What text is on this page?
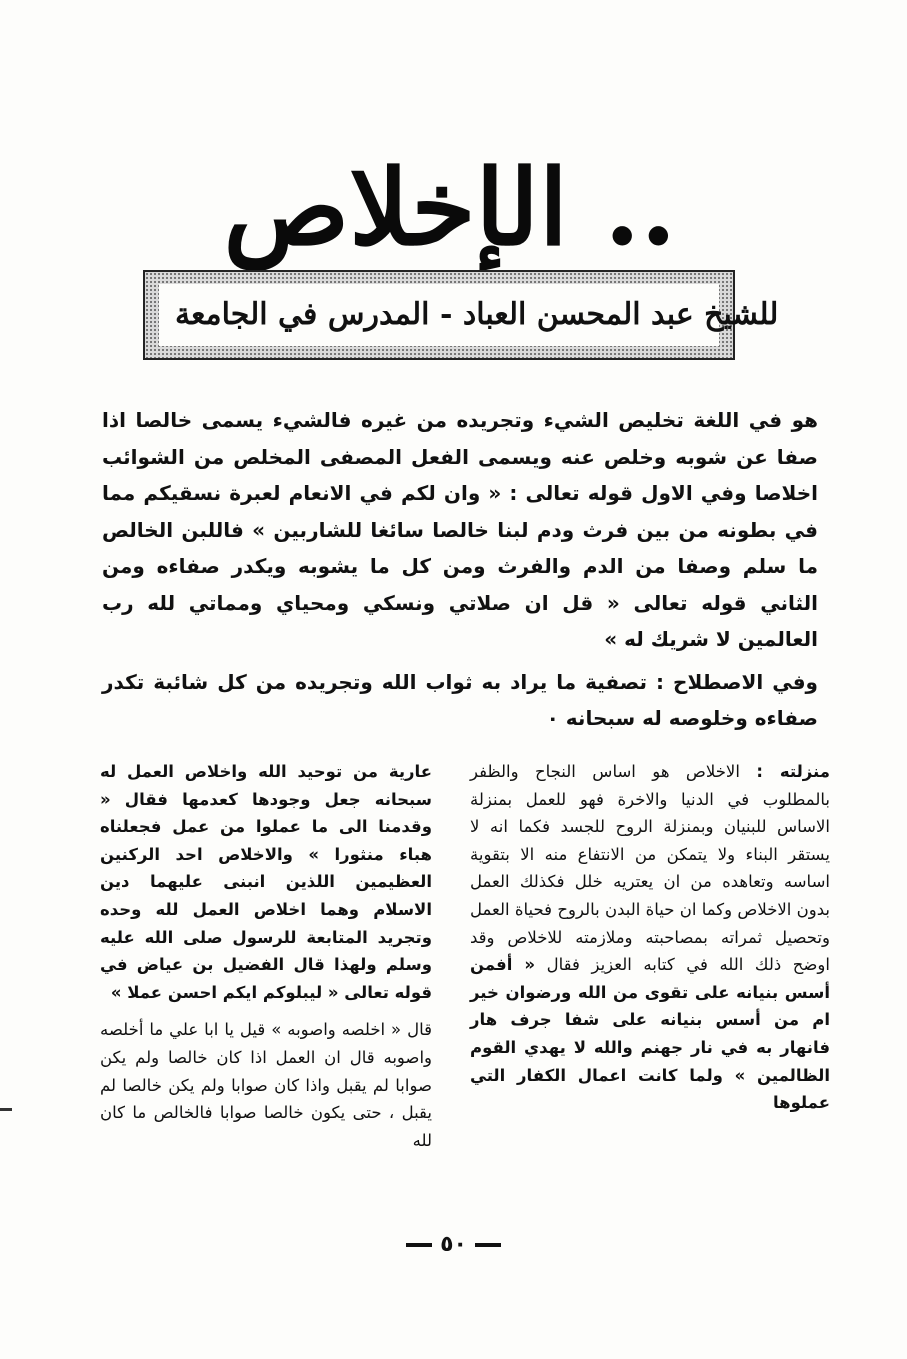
الإخلاص ..
للشيخ عبد المحسن العباد - المدرس في الجامعة

هو في اللغة تخليص الشيء وتجريده من غيره فالشيء يسمى خالصا اذا صفا عن شوبه وخلص عنه ويسمى الفعل المصفى المخلص من الشوائب اخلاصا وفي الاول قوله تعالى : « وان لكم في الانعام لعبرة نسقيكم مما في بطونه من بين فرث ودم لبنا خالصا سائغا للشاربين » فاللبن الخالص ما سلم وصفا من الدم والفرث ومن كل ما يشوبه ويكدر صفاءه ومن الثاني قوله تعالى « قل ان صلاتي ونسكي ومحياي ومماتي لله رب العالمين لا شريك له »

وفي الاصطلاح : تصفية ما يراد به ثواب الله وتجريده من كل شائبة تكدر صفاءه وخلوصه له سبحانه ٠

منزلته : الاخلاص هو اساس النجاح والظفر بالمطلوب في الدنيا والاخرة فهو للعمل بمنزلة الاساس للبنيان وبمنزلة الروح للجسد فكما انه لا يستقر البناء ولا يتمكن من الانتفاع منه الا بتقوية اساسه وتعاهده من ان يعتريه خلل فكذلك العمل بدون الاخلاص وكما ان حياة البدن بالروح فحياة العمل وتحصيل ثمراته بمصاحبته وملازمته للاخلاص وقد اوضح ذلك الله في كتابه العزيز فقال « أفمن أسس بنيانه على تقوى من الله ورضوان خير ام من أسس بنيانه على شفا جرف هار فانهار به في نار جهنم والله لا يهدي القوم الظالمين » ولما كانت اعمال الكفار التي عملوها

عارية من توحيد الله واخلاص العمل له سبحانه جعل وجودها كعدمها فقال « وقدمنا الى ما عملوا من عمل فجعلناه هباء منثورا » والاخلاص احد الركنين العظيمين اللذين انبنى عليهما دين الاسلام وهما اخلاص العمل لله وحده وتجريد المتابعة للرسول صلى الله عليه وسلم ولهذا قال الفضيل بن عياض في قوله تعالى « ليبلوكم ايكم احسن عملا »

قال « اخلصه واصوبه » قيل يا ابا علي ما أخلصه واصوبه قال ان العمل اذا كان خالصا ولم يكن صوابا لم يقبل واذا كان صوابا ولم يكن خالصا لم يقبل ، حتى يكون خالصا صوابا فالخالص ما كان لله

٥٠
